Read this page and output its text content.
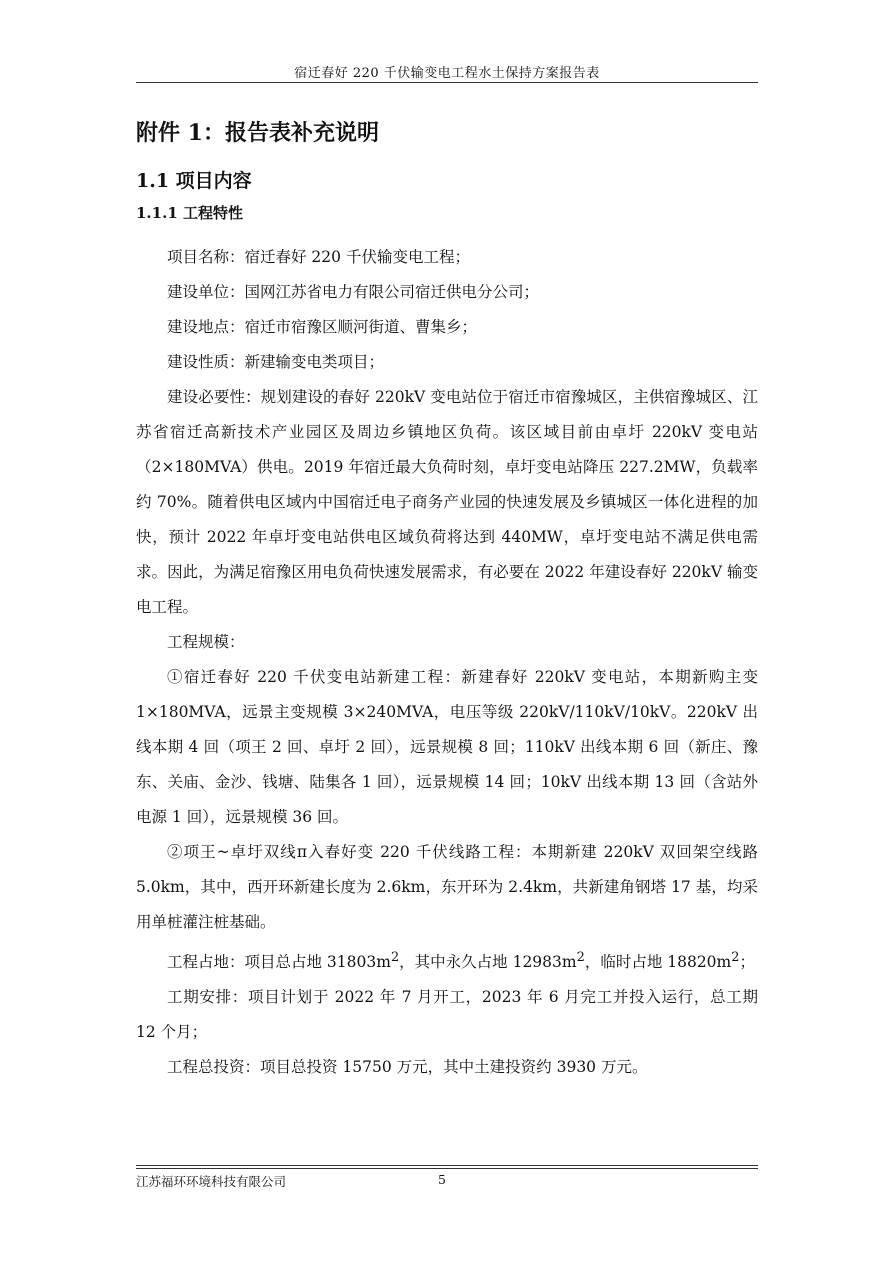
宿迁春好 220 千伏输变电工程水土保持方案报告表
附件 1：报告表补充说明
1.1 项目内容
1.1.1 工程特性

项目名称：宿迁春好 220 千伏输变电工程；

建设单位：国网江苏省电力有限公司宿迁供电分公司；

建设地点：宿迁市宿豫区顺河街道、曹集乡；

建设性质：新建输变电类项目；

建设必要性：规划建设的春好 220kV 变电站位于宿迁市宿豫城区，主供宿豫城区、江苏省宿迁高新技术产业园区及周边乡镇地区负荷。该区域目前由卓圩 220kV 变电站（2×180MVA）供电。2019 年宿迁最大负荷时刻，卓圩变电站降压 227.2MW，负载率约 70%。随着供电区域内中国宿迁电子商务产业园的快速发展及乡镇城区一体化进程的加快，预计 2022 年卓圩变电站供电区域负荷将达到 440MW，卓圩变电站不满足供电需求。因此，为满足宿豫区用电负荷快速发展需求，有必要在 2022 年建设春好 220kV 输变电工程。

工程规模：

①宿迁春好 220 千伏变电站新建工程：新建春好 220kV 变电站，本期新购主变 1×180MVA，远景主变规模 3×240MVA，电压等级 220kV/110kV/10kV。220kV 出线本期 4 回（项王 2 回、卓圩 2 回），远景规模 8 回；110kV 出线本期 6 回（新庄、豫东、关庙、金沙、钱塘、陆集各 1 回），远景规模 14 回；10kV 出线本期 13 回（含站外电源 1 回），远景规模 36 回。

②项王~卓圩双线π入春好变 220 千伏线路工程：本期新建 220kV 双回架空线路 5.0km，其中，西开环新建长度为 2.6km，东开环为 2.4km，共新建角钢塔 17 基，均采用单桩灌注桩基础。

工程占地：项目总占地 $31803m^2$，其中永久占地 $12983m^2$，临时占地 $18820m^2$；

工期安排：项目计划于 2022 年 7 月开工，2023 年 6 月完工并投入运行，总工期 12 个月；

工程总投资：项目总投资 15750 万元，其中土建投资约 3930 万元。

江苏福环环境科技有限公司	5
